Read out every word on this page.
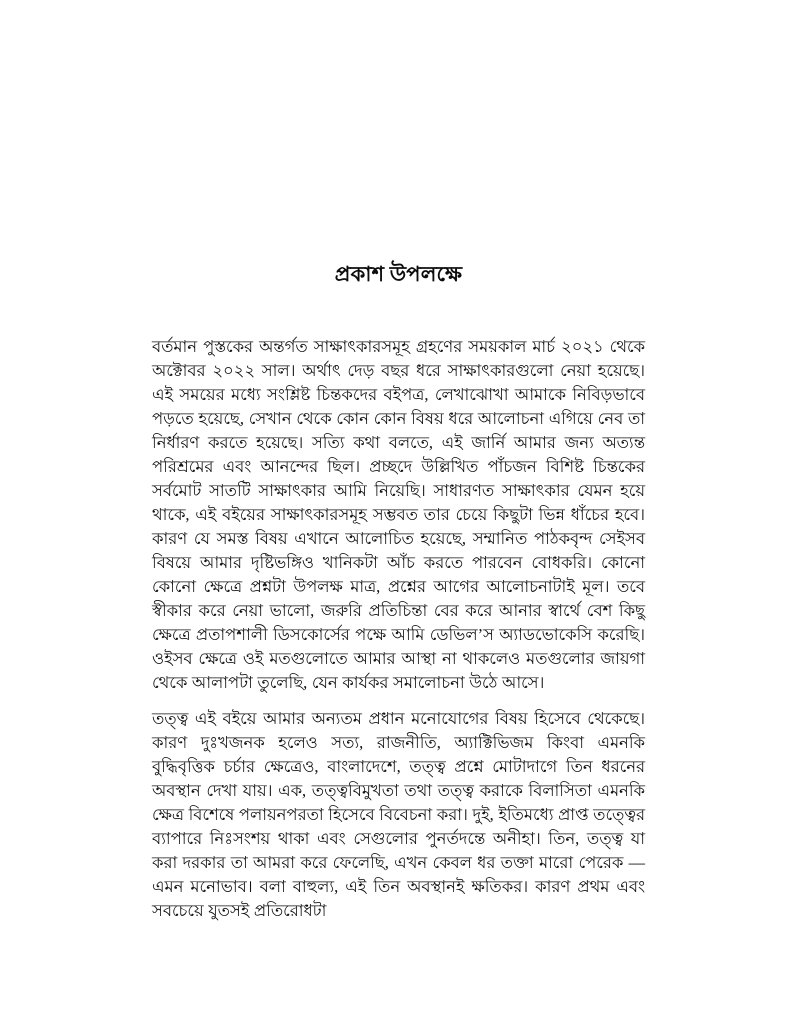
প্রকাশ উপলক্ষে

বর্তমান পুস্তকের অন্তর্গত সাক্ষাৎকারসমূহ গ্রহণের সময়কাল মার্চ ২০২১ থেকে অক্টোবর ২০২২ সাল। অর্থাৎ দেড় বছর ধরে সাক্ষাৎকারগুলো নেয়া হয়েছে। এই সময়ের মধ্যে সংশ্লিষ্ট চিন্তকদের বইপত্র, লেখাঝোখা আমাকে নিবিড়ভাবে পড়তে হয়েছে, সেখান থেকে কোন কোন বিষয় ধরে আলোচনা এগিয়ে নেব তা নির্ধারণ করতে হয়েছে। সত্যি কথা বলতে, এই জার্নি আমার জন্য অত্যন্ত পরিশ্রমের এবং আনন্দের ছিল। প্রচ্ছদে উল্লিখিত পাঁচজন বিশিষ্ট চিন্তকের সর্বমোট সাতটি সাক্ষাৎকার আমি নিয়েছি। সাধারণত সাক্ষাৎকার যেমন হয়ে থাকে, এই বইয়ের সাক্ষাৎকারসমূহ সম্ভবত তার চেয়ে কিছুটা ভিন্ন ধাঁচের হবে। কারণ যে সমস্ত বিষয় এখানে আলোচিত হয়েছে, সম্মানিত পাঠকবৃন্দ সেইসব বিষয়ে আমার দৃষ্টিভঙ্গিও খানিকটা আঁচ করতে পারবেন বোধকরি। কোনো কোনো ক্ষেত্রে প্রশ্নটা উপলক্ষ মাত্র, প্রশ্নের আগের আলোচনাটাই মূল। তবে স্বীকার করে নেয়া ভালো, জরুরি প্রতিচিন্তা বের করে আনার স্বার্থে বেশ কিছু ক্ষেত্রে প্রতাপশালী ডিসকোর্সের পক্ষে আমি ডেভিল’স অ্যাডভোকেসি করেছি। ওইসব ক্ষেত্রে ওই মতগুলোতে আমার আস্থা না থাকলেও মতগুলোর জায়গা থেকে আলাপটা তুলেছি, যেন কার্যকর সমালোচনা উঠে আসে।

তত্ত্ব এই বইয়ে আমার অন্যতম প্রধান মনোযোগের বিষয় হিসেবে থেকেছে। কারণ দুঃখজনক হলেও সত্য, রাজনীতি, অ্যাক্টিভিজম কিংবা এমনকি বুদ্ধিবৃত্তিক চর্চার ক্ষেত্রেও, বাংলাদেশে, তত্ত্ব প্রশ্নে মোটাদাগে তিন ধরনের অবস্থান দেখা যায়। এক, তত্ত্ববিমুখতা তথা তত্ত্ব করাকে বিলাসিতা এমনকি ক্ষেত্র বিশেষে পলায়নপরতা হিসেবে বিবেচনা করা। দুই, ইতিমধ্যে প্রাপ্ত তত্ত্বের ব্যাপারে নিঃসংশয় থাকা এবং সেগুলোর পুনর্তদন্তে অনীহা। তিন, তত্ত্ব যা করা দরকার তা আমরা করে ফেলেছি, এখন কেবল ধর তক্তা মারো পেরেক — এমন মনোভাব। বলা বাহুল্য, এই তিন অবস্থানই ক্ষতিকর। কারণ প্রথম এবং সবচেয়ে যুতসই প্রতিরোধটা
